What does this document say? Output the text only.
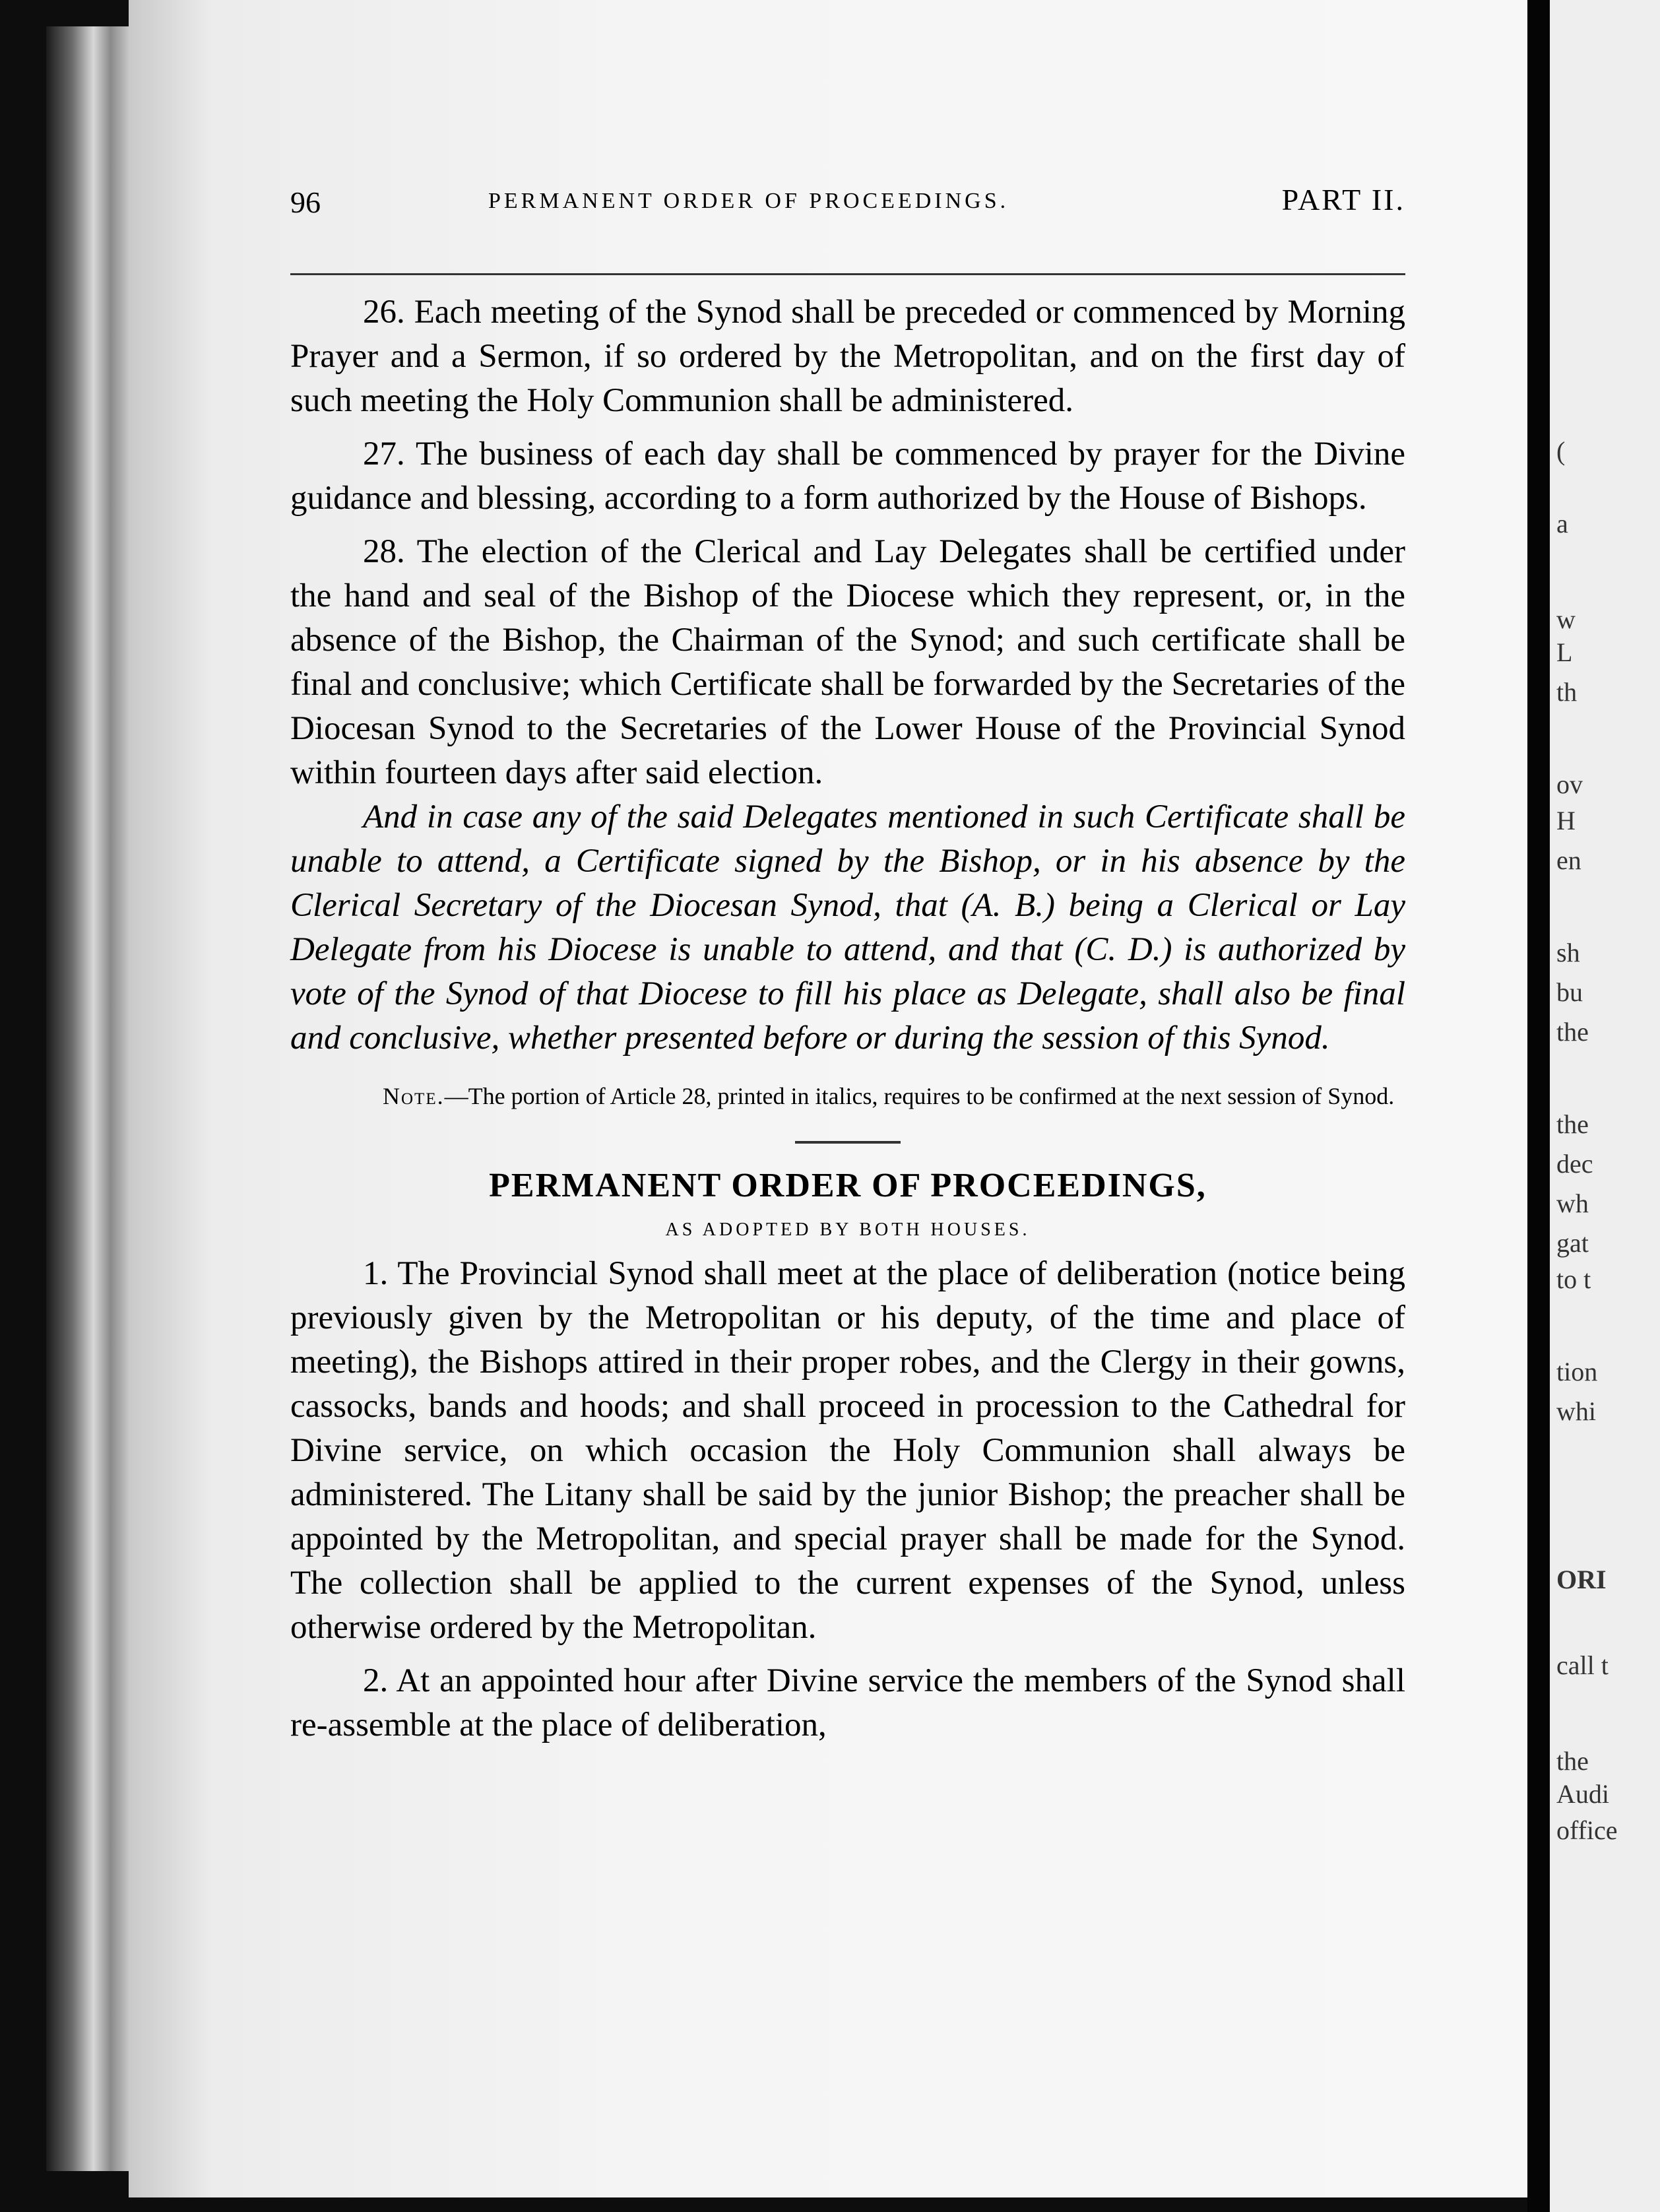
96	PERMANENT ORDER OF PROCEEDINGS.	PART II.

26. Each meeting of the Synod shall be preceded or commenced by Morning Prayer and a Sermon, if so ordered by the Metropolitan, and on the first day of such meeting the Holy Communion shall be administered.

27. The business of each day shall be commenced by prayer for the Divine guidance and blessing, according to a form authorized by the House of Bishops.

28. The election of the Clerical and Lay Delegates shall be certified under the hand and seal of the Bishop of the Diocese which they represent, or, in the absence of the Bishop, the Chairman of the Synod; and such certificate shall be final and conclusive; which Certificate shall be forwarded by the Secretaries of the Diocesan Synod to the Secretaries of the Lower House of the Provincial Synod within fourteen days after said election.

And in case any of the said Delegates mentioned in such Certificate shall be unable to attend, a Certificate signed by the Bishop, or in his absence by the Clerical Secretary of the Diocesan Synod, that (A. B.) being a Clerical or Lay Delegate from his Diocese is unable to attend, and that (C. D.) is authorized by vote of the Synod of that Diocese to fill his place as Delegate, shall also be final and conclusive, whether presented before or during the session of this Synod.

Note.—The portion of Article 28, printed in italics, requires to be confirmed at the next session of Synod.

PERMANENT ORDER OF PROCEEDINGS,

AS ADOPTED BY BOTH HOUSES.

1. The Provincial Synod shall meet at the place of deliberation (notice being previously given by the Metropolitan or his deputy, of the time and place of meeting), the Bishops attired in their proper robes, and the Clergy in their gowns, cassocks, bands and hoods; and shall proceed in procession to the Cathedral for Divine service, on which occasion the Holy Communion shall always be administered. The Litany shall be said by the junior Bishop; the preacher shall be appointed by the Metropolitan, and special prayer shall be made for the Synod. The collection shall be applied to the current expenses of the Synod, unless otherwise ordered by the Metropolitan.

2. At an appointed hour after Divine service the members of the Synod shall re-assemble at the place of deliberation,

(
a
w
L
th
ov
H
en
sh
bu
the
the
dec
wh
gat
to t
tion
whi
ORI
call t
the
Audi
office
